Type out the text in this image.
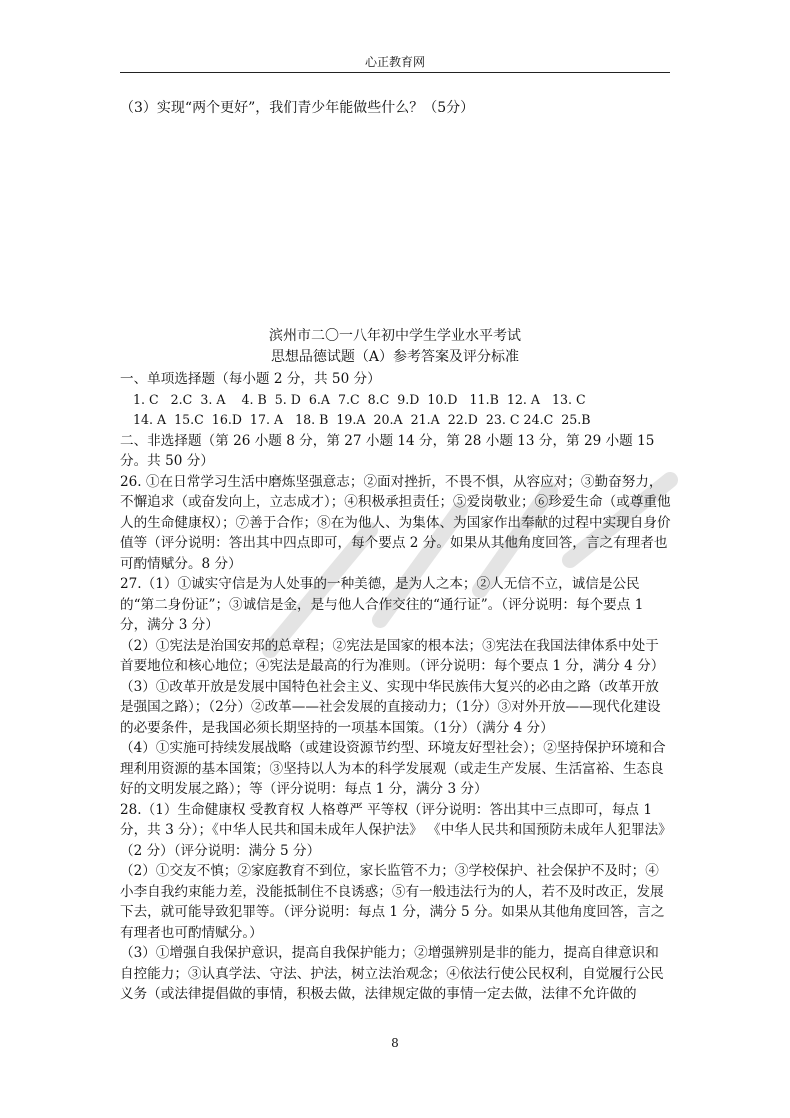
心正教育网
（3）实现“两个更好”，我们青少年能做些什么？（5分）
滨州市二〇一八年初中学生学业水平考试
思想品德试题（A）参考答案及评分标准

一、单项选择题（每小题 2 分，共 50 分）

1. C   2.C  3. A    4. B  5. D  6.A  7.C  8.C  9.D  10.D   11.B  12. A   13. C

14. A  15.C  16.D  17. A   18. B  19.A  20.A  21.A  22.D  23. C 24.C  25.B

二、非选择题（第 26 小题 8 分，第 27 小题 14 分，第 28 小题 13 分，第 29 小题 15 分。共 50 分）

26. ①在日常学习生活中磨炼坚强意志；②面对挫折，不畏不惧，从容应对；③勤奋努力，不懈追求（或奋发向上，立志成才）；④积极承担责任；⑤爱岗敬业；⑥珍爱生命（或尊重他人的生命健康权）；⑦善于合作；⑧在为他人、为集体、为国家作出奉献的过程中实现自身价值等（评分说明：答出其中四点即可，每个要点 2 分。如果从其他角度回答，言之有理者也可酌情赋分。8 分）

27.（1）①诚实守信是为人处事的一种美德，是为人之本；②人无信不立，诚信是公民的“第二身份证”；③诚信是金，是与他人合作交往的“通行证”。（评分说明：每个要点 1 分，满分 3 分）

（2）①宪法是治国安邦的总章程；②宪法是国家的根本法；③宪法在我国法律体系中处于首要地位和核心地位；④宪法是最高的行为准则。（评分说明：每个要点 1 分，满分 4 分）

（3）①改革开放是发展中国特色社会主义、实现中华民族伟大复兴的必由之路（改革开放是强国之路）；（2分）②改革——社会发展的直接动力；（1分）③对外开放——现代化建设的必要条件，是我国必须长期坚持的一项基本国策。（1分）（满分 4 分）

（4）①实施可持续发展战略（或建设资源节约型、环境友好型社会）；②坚持保护环境和合理利用资源的基本国策；③坚持以人为本的科学发展观（或走生产发展、生活富裕、生态良好的文明发展之路）；等（评分说明：每点 1 分，满分 3 分）

28.（1）生命健康权 受教育权 人格尊严 平等权（评分说明：答出其中三点即可，每点 1 分，共 3 分）；《中华人民共和国未成年人保护法》 《中华人民共和国预防未成年人犯罪法》（2 分）（评分说明：满分 5 分）

（2）①交友不慎；②家庭教育不到位，家长监管不力；③学校保护、社会保护不及时；④小李自我约束能力差，没能抵制住不良诱惑；⑤有一般违法行为的人，若不及时改正，发展下去，就可能导致犯罪等。（评分说明：每点 1 分，满分 5 分。如果从其他角度回答，言之有理者也可酌情赋分。）

（3）①增强自我保护意识，提高自我保护能力；②增强辨别是非的能力，提高自律意识和自控能力；③认真学法、守法、护法，树立法治观念；④依法行使公民权利，自觉履行公民义务（或法律提倡做的事情，积极去做，法律规定做的事情一定去做，法律不允许做的

8
